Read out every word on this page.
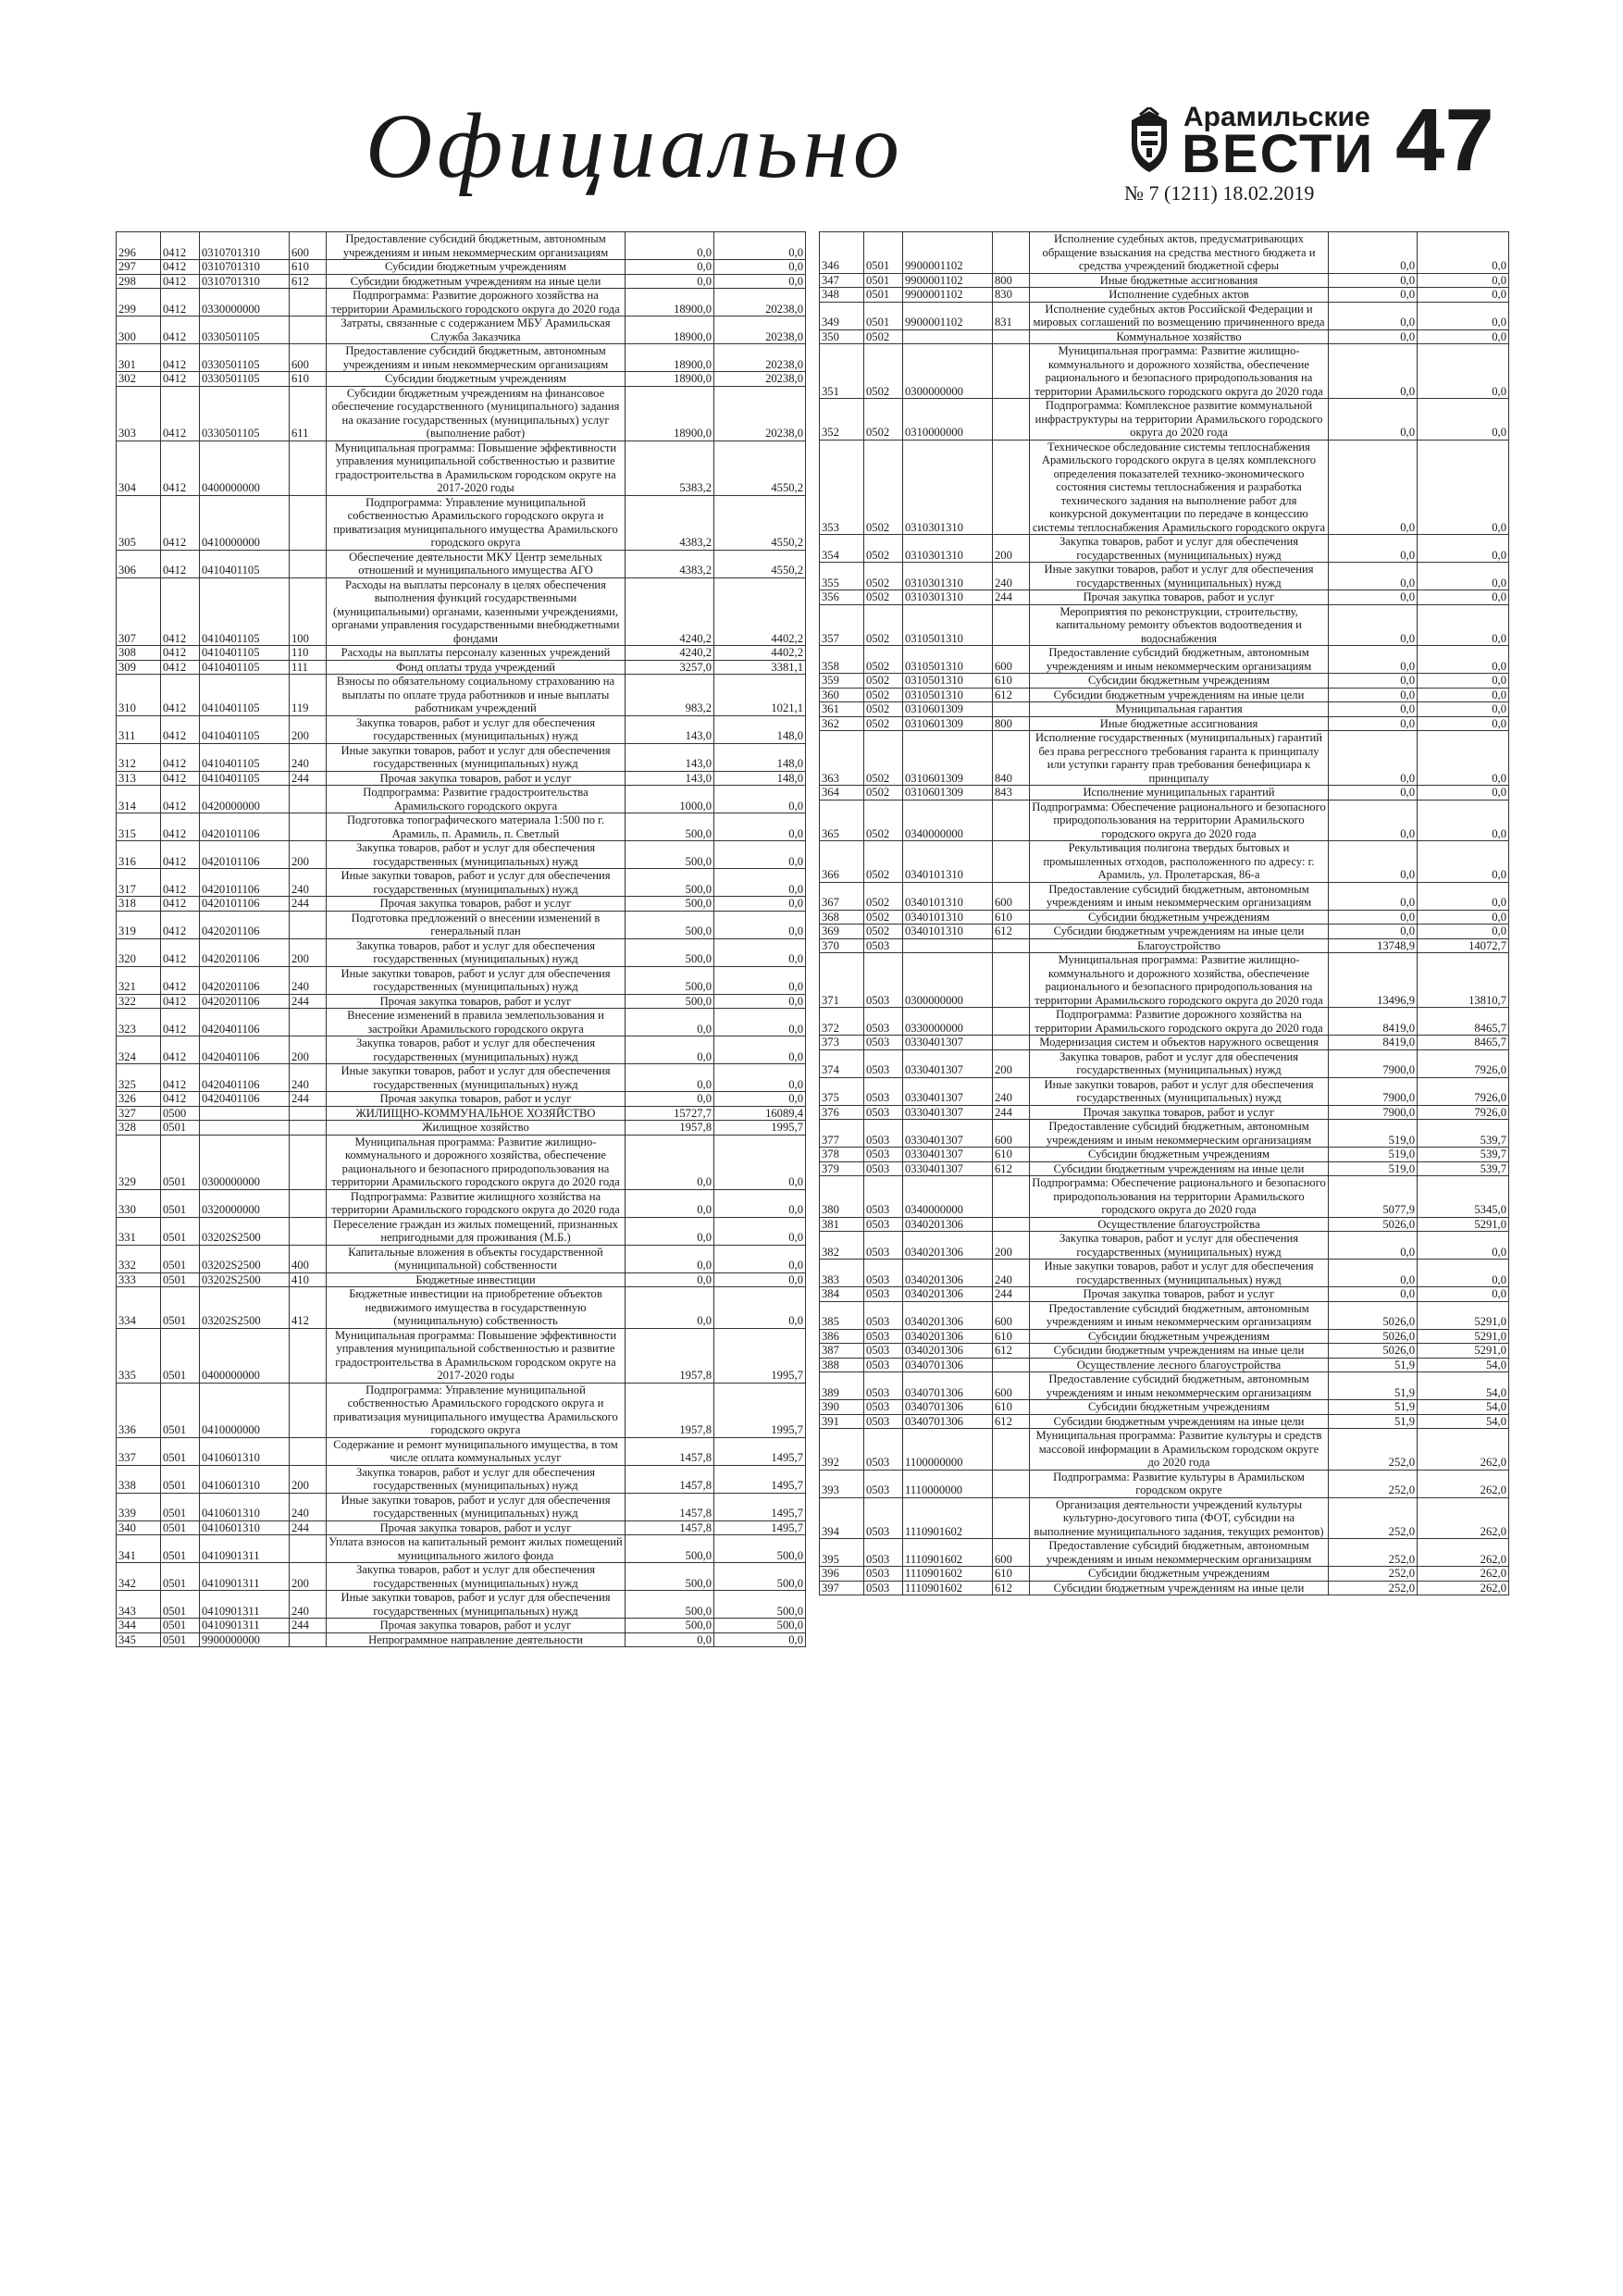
Официально	Арамильские
ВЕСТИ
№ 7 (1211) 18.02.2019
47
296	0412	0310701310	600	Предоставление субсидий бюджетным, автономным учреждениям и иным некоммерческим организациям	0,0	0,0
297	0412	0310701310	610	Субсидии бюджетным учреждениям	0,0	0,0
298	0412	0310701310	612	Субсидии бюджетным учреждениям на иные цели	0,0	0,0
299	0412	0330000000		Подпрограмма: Развитие дорожного хозяйства на территории Арамильского городского округа до 2020 года	18900,0	20238,0
300	0412	0330501105		Затраты, связанные с содержанием МБУ Арамильская Служба Заказчика	18900,0	20238,0
301	0412	0330501105	600	Предоставление субсидий бюджетным, автономным учреждениям и иным некоммерческим организациям	18900,0	20238,0
302	0412	0330501105	610	Субсидии бюджетным учреждениям	18900,0	20238,0
303	0412	0330501105	611	Субсидии бюджетным учреждениям на финансовое обеспечение государственного (муниципального) задания на оказание государственных (муниципальных) услуг (выполнение работ)	18900,0	20238,0
304	0412	0400000000		Муниципальная программа: Повышение эффективности управления муниципальной собственностью и развитие градостроительства в Арамильском городском округе на 2017-2020 годы	5383,2	4550,2
305	0412	0410000000		Подпрограмма: Управление муниципальной собственностью Арамильского городского округа и приватизация муниципального имущества Арамильского городского округа	4383,2	4550,2
306	0412	0410401105		Обеспечение деятельности МКУ Центр земельных отношений и муниципального имущества АГО	4383,2	4550,2
307	0412	0410401105	100	Расходы на выплаты персоналу в целях обеспечения выполнения функций государственными (муниципальными) органами, казенными учреждениями, органами управления государственными внебюджетными фондами	4240,2	4402,2
308	0412	0410401105	110	Расходы на выплаты персоналу казенных учреждений	4240,2	4402,2
309	0412	0410401105	111	Фонд оплаты труда учреждений	3257,0	3381,1
310	0412	0410401105	119	Взносы по обязательному социальному страхованию на выплаты по оплате труда работников и иные выплаты работникам учреждений	983,2	1021,1
311	0412	0410401105	200	Закупка товаров, работ и услуг для обеспечения государственных (муниципальных) нужд	143,0	148,0
312	0412	0410401105	240	Иные закупки товаров, работ и услуг для обеспечения государственных (муниципальных) нужд	143,0	148,0
313	0412	0410401105	244	Прочая закупка товаров, работ и услуг	143,0	148,0
314	0412	0420000000		Подпрограмма: Развитие градостроительства Арамильского городского округа	1000,0	0,0
315	0412	0420101106		Подготовка топографического материала 1:500 по г. Арамиль, п. Арамиль, п. Светлый	500,0	0,0
316	0412	0420101106	200	Закупка товаров, работ и услуг для обеспечения государственных (муниципальных) нужд	500,0	0,0
317	0412	0420101106	240	Иные закупки товаров, работ и услуг для обеспечения государственных (муниципальных) нужд	500,0	0,0
318	0412	0420101106	244	Прочая закупка товаров, работ и услуг	500,0	0,0
319	0412	0420201106		Подготовка предложений о внесении изменений в генеральный план	500,0	0,0
320	0412	0420201106	200	Закупка товаров, работ и услуг для обеспечения государственных (муниципальных) нужд	500,0	0,0
321	0412	0420201106	240	Иные закупки товаров, работ и услуг для обеспечения государственных (муниципальных) нужд	500,0	0,0
322	0412	0420201106	244	Прочая закупка товаров, работ и услуг	500,0	0,0
323	0412	0420401106		Внесение изменений в правила землепользования и застройки Арамильского городского округа	0,0	0,0
324	0412	0420401106	200	Закупка товаров, работ и услуг для обеспечения государственных (муниципальных) нужд	0,0	0,0
325	0412	0420401106	240	Иные закупки товаров, работ и услуг для обеспечения государственных (муниципальных) нужд	0,0	0,0
326	0412	0420401106	244	Прочая закупка товаров, работ и услуг	0,0	0,0
327	0500			ЖИЛИЩНО-КОММУНАЛЬНОЕ ХОЗЯЙСТВО	15727,7	16089,4
328	0501			Жилищное хозяйство	1957,8	1995,7
329	0501	0300000000		Муниципальная программа: Развитие жилищно-коммунального и дорожного хозяйства, обеспечение рационального и безопасного природопользования на территории Арамильского городского округа до 2020 года	0,0	0,0
330	0501	0320000000		Подпрограмма: Развитие жилищного хозяйства на территории Арамильского городского округа до 2020 года	0,0	0,0
331	0501	03202S2500		Переселение граждан из жилых помещений, признанных непригодными для проживания (М.Б.)	0,0	0,0
332	0501	03202S2500	400	Капитальные вложения в объекты государственной (муниципальной) собственности	0,0	0,0
333	0501	03202S2500	410	Бюджетные инвестиции	0,0	0,0
334	0501	03202S2500	412	Бюджетные инвестиции на приобретение объектов недвижимого имущества в государственную (муниципальную) собственность	0,0	0,0
335	0501	0400000000		Муниципальная программа: Повышение эффективности управления муниципальной собственностью и развитие градостроительства в Арамильском городском округе на 2017-2020 годы	1957,8	1995,7
336	0501	0410000000		Подпрограмма: Управление муниципальной собственностью Арамильского городского округа и приватизация муниципального имущества Арамильского городского округа	1957,8	1995,7
337	0501	0410601310		Содержание и ремонт муниципального имущества, в том числе оплата коммунальных услуг	1457,8	1495,7
338	0501	0410601310	200	Закупка товаров, работ и услуг для обеспечения государственных (муниципальных) нужд	1457,8	1495,7
339	0501	0410601310	240	Иные закупки товаров, работ и услуг для обеспечения государственных (муниципальных) нужд	1457,8	1495,7
340	0501	0410601310	244	Прочая закупка товаров, работ и услуг	1457,8	1495,7
341	0501	0410901311		Уплата взносов на капитальный ремонт жилых помещений муниципального жилого фонда	500,0	500,0
342	0501	0410901311	200	Закупка товаров, работ и услуг для обеспечения государственных (муниципальных) нужд	500,0	500,0
343	0501	0410901311	240	Иные закупки товаров, работ и услуг для обеспечения государственных (муниципальных) нужд	500,0	500,0
344	0501	0410901311	244	Прочая закупка товаров, работ и услуг	500,0	500,0
345	0501	9900000000		Непрограммное направление деятельности	0,0	0,0
346	0501	9900001102		Исполнение судебных актов, предусматривающих обращение взыскания на средства местного бюджета и средства учреждений бюджетной сферы	0,0	0,0
347	0501	9900001102	800	Иные бюджетные ассигнования	0,0	0,0
348	0501	9900001102	830	Исполнение судебных актов	0,0	0,0
349	0501	9900001102	831	Исполнение судебных актов Российской Федерации и мировых соглашений по возмещению причиненного вреда	0,0	0,0
350	0502			Коммунальное хозяйство	0,0	0,0
351	0502	0300000000		Муниципальная программа: Развитие жилищно-коммунального и дорожного хозяйства, обеспечение рационального и безопасного природопользования на территории Арамильского городского округа до 2020 года	0,0	0,0
352	0502	0310000000		Подпрограмма: Комплексное развитие коммунальной инфраструктуры на территории Арамильского городского округа до 2020 года	0,0	0,0
353	0502	0310301310		Техническое обследование системы теплоснабжения Арамильского городского округа в целях комплексного определения показателей технико-экономического состояния системы теплоснабжения и разработка технического задания на выполнение работ для конкурсной документации по передаче в концессию системы теплоснабжения Арамильского городского округа	0,0	0,0
354	0502	0310301310	200	Закупка товаров, работ и услуг для обеспечения государственных (муниципальных) нужд	0,0	0,0
355	0502	0310301310	240	Иные закупки товаров, работ и услуг для обеспечения государственных (муниципальных) нужд	0,0	0,0
356	0502	0310301310	244	Прочая закупка товаров, работ и услуг	0,0	0,0
357	0502	0310501310		Мероприятия по реконструкции, строительству, капитальному ремонту объектов водоотведения и водоснабжения	0,0	0,0
358	0502	0310501310	600	Предоставление субсидий бюджетным, автономным учреждениям и иным некоммерческим организациям	0,0	0,0
359	0502	0310501310	610	Субсидии бюджетным учреждениям	0,0	0,0
360	0502	0310501310	612	Субсидии бюджетным учреждениям на иные цели	0,0	0,0
361	0502	0310601309		Муниципальная гарантия	0,0	0,0
362	0502	0310601309	800	Иные бюджетные ассигнования	0,0	0,0
363	0502	0310601309	840	Исполнение государственных (муниципальных) гарантий без права регрессного требования гаранта к принципалу или уступки гаранту прав требования бенефициара к принципалу	0,0	0,0
364	0502	0310601309	843	Исполнение муниципальных гарантий	0,0	0,0
365	0502	0340000000		Подпрограмма: Обеспечение рационального и безопасного природопользования на территории Арамильского городского округа до 2020 года	0,0	0,0
366	0502	0340101310		Рекультивация полигона твердых бытовых и промышленных отходов, расположенного по адресу: г. Арамиль, ул. Пролетарская, 86-а	0,0	0,0
367	0502	0340101310	600	Предоставление субсидий бюджетным, автономным учреждениям и иным некоммерческим организациям	0,0	0,0
368	0502	0340101310	610	Субсидии бюджетным учреждениям	0,0	0,0
369	0502	0340101310	612	Субсидии бюджетным учреждениям на иные цели	0,0	0,0
370	0503			Благоустройство	13748,9	14072,7
371	0503	0300000000		Муниципальная программа: Развитие жилищно-коммунального и дорожного хозяйства, обеспечение рационального и безопасного природопользования на территории Арамильского городского округа до 2020 года	13496,9	13810,7
372	0503	0330000000		Подпрограмма: Развитие дорожного хозяйства на территории Арамильского городского округа до 2020 года	8419,0	8465,7
373	0503	0330401307		Модернизация систем и объектов наружного освещения	8419,0	8465,7
374	0503	0330401307	200	Закупка товаров, работ и услуг для обеспечения государственных (муниципальных) нужд	7900,0	7926,0
375	0503	0330401307	240	Иные закупки товаров, работ и услуг для обеспечения государственных (муниципальных) нужд	7900,0	7926,0
376	0503	0330401307	244	Прочая закупка товаров, работ и услуг	7900,0	7926,0
377	0503	0330401307	600	Предоставление субсидий бюджетным, автономным учреждениям и иным некоммерческим организациям	519,0	539,7
378	0503	0330401307	610	Субсидии бюджетным учреждениям	519,0	539,7
379	0503	0330401307	612	Субсидии бюджетным учреждениям на иные цели	519,0	539,7
380	0503	0340000000		Подпрограмма: Обеспечение рационального и безопасного природопользования на территории Арамильского городского округа до 2020 года	5077,9	5345,0
381	0503	0340201306		Осуществление благоустройства	5026,0	5291,0
382	0503	0340201306	200	Закупка товаров, работ и услуг для обеспечения государственных (муниципальных) нужд	0,0	0,0
383	0503	0340201306	240	Иные закупки товаров, работ и услуг для обеспечения государственных (муниципальных) нужд	0,0	0,0
384	0503	0340201306	244	Прочая закупка товаров, работ и услуг	0,0	0,0
385	0503	0340201306	600	Предоставление субсидий бюджетным, автономным учреждениям и иным некоммерческим организациям	5026,0	5291,0
386	0503	0340201306	610	Субсидии бюджетным учреждениям	5026,0	5291,0
387	0503	0340201306	612	Субсидии бюджетным учреждениям на иные цели	5026,0	5291,0
388	0503	0340701306		Осуществление лесного благоустройства	51,9	54,0
389	0503	0340701306	600	Предоставление субсидий бюджетным, автономным учреждениям и иным некоммерческим организациям	51,9	54,0
390	0503	0340701306	610	Субсидии бюджетным учреждениям	51,9	54,0
391	0503	0340701306	612	Субсидии бюджетным учреждениям на иные цели	51,9	54,0
392	0503	1100000000		Муниципальная программа: Развитие культуры и средств массовой информации в Арамильском городском округе до 2020 года	252,0	262,0
393	0503	1110000000		Подпрограмма: Развитие культуры в Арамильском городском округе	252,0	262,0
394	0503	1110901602		Организация деятельности учреждений культуры культурно-досугового типа (ФОТ, субсидии на выполнение муниципального задания, текущих ремонтов)	252,0	262,0
395	0503	1110901602	600	Предоставление субсидий бюджетным, автономным учреждениям и иным некоммерческим организациям	252,0	262,0
396	0503	1110901602	610	Субсидии бюджетным учреждениям	252,0	262,0
397	0503	1110901602	612	Субсидии бюджетным учреждениям на иные цели	252,0	262,0
